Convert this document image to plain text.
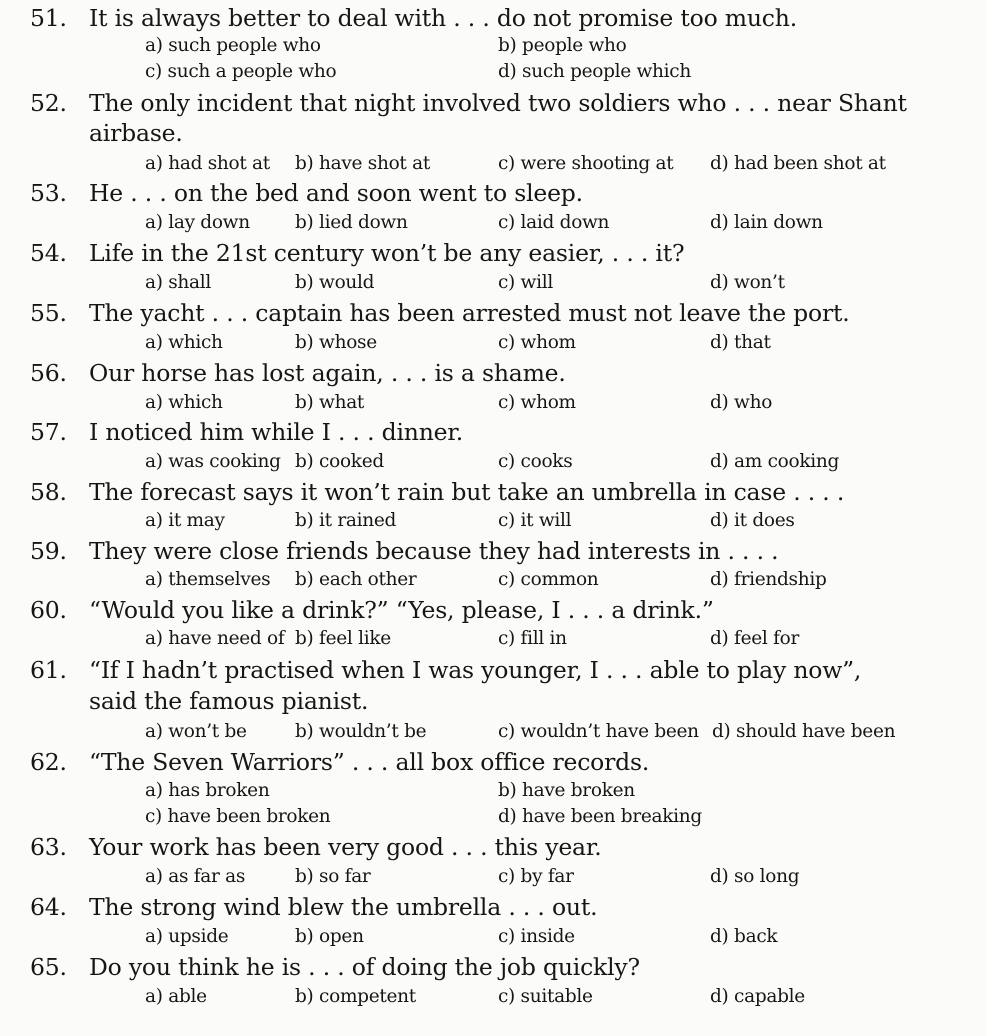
51. It is always better to deal with . . . do not promise too much.
a) such people who	b) people who
c) such a people who	d) such people which
52. The only incident that night involved two soldiers who . . . near Shant
airbase.
a) had shot at b) have shot at	c) were shooting at d) had been shot at
53. He . . . on the bed and soon went to sleep.
a) lay down b) lied down	c) laid down	d) lain down
54. Life in the 21st century won’t be any easier, . . . it?
a) shall	b) would	c) will	d) won’t
55. The yacht . . . captain has been arrested must not leave the port.
a) which	b) whose	c) whom	d) that
56. Our horse has lost again, . . . is a shame.
a) which	b) what	c) whom	d) who
57. I noticed him while I . . . dinner.
a) was cooking b) cooked	c) cooks	d) am cooking
58. The forecast says it won’t rain but take an umbrella in case . . . .
a) it may	b) it rained	c) it will	d) it does
59. They were close friends because they had interests in . . . .
a) themselves b) each other	c) common	d) friendship
60. “Would you like a drink?” “Yes, please, I . . . a drink.”
a) have need of b) feel like	c) fill in	d) feel for
61. “If I hadn’t practised when I was younger, I . . . able to play now”,
said the famous pianist.
a) won’t be	b) wouldn’t be	c) wouldn’t have been d) should have been
62. “The Seven Warriors” . . . all box office records.
a) has broken	b) have broken
c) have been broken	d) have been breaking
63. Your work has been very good . . . this year.
a) as far as	b) so far	c) by far	d) so long
64. The strong wind blew the umbrella . . . out.
a) upside	b) open	c) inside	d) back
65. Do you think he is . . . of doing the job quickly?
a) able	b) competent	c) suitable	d) capable
